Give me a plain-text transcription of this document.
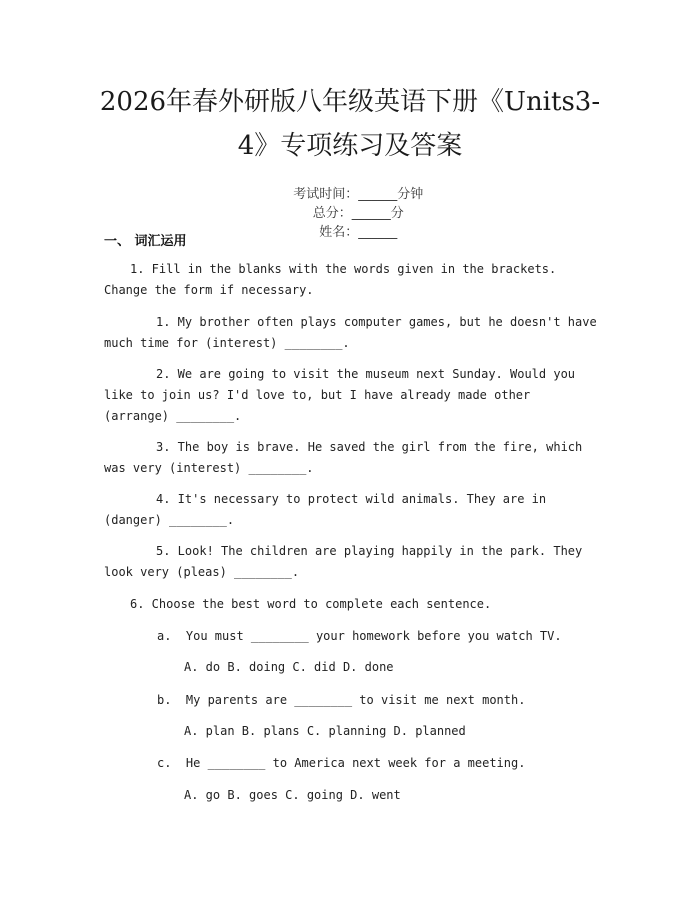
2026年春外研版八年级英语下册《Units3-
4》专项练习及答案

考试时间：______分钟
总分：______分
姓名：______

一、 词汇运用
1. Fill in the blanks with the words given in the brackets. Change the form if necessary.
1. My brother often plays computer games, but he doesn't have much time for (interest) ________.
2. We are going to visit the museum next Sunday. Would you like to join us? I'd love to, but I have already made other (arrange) ________.
3. The boy is brave. He saved the girl from the fire, which was very (interest) ________.
4. It's necessary to protect wild animals. They are in (danger) ________.
5. Look! The children are playing happily in the park. They look very (pleas) ________.
6. Choose the best word to complete each sentence.
a.  You must ________ your homework before you watch TV.
A. do B. doing C. did D. done
b.  My parents are ________ to visit me next month.
A. plan B. plans C. planning D. planned
c.  He ________ to America next week for a meeting.
A. go B. goes C. going D. went
